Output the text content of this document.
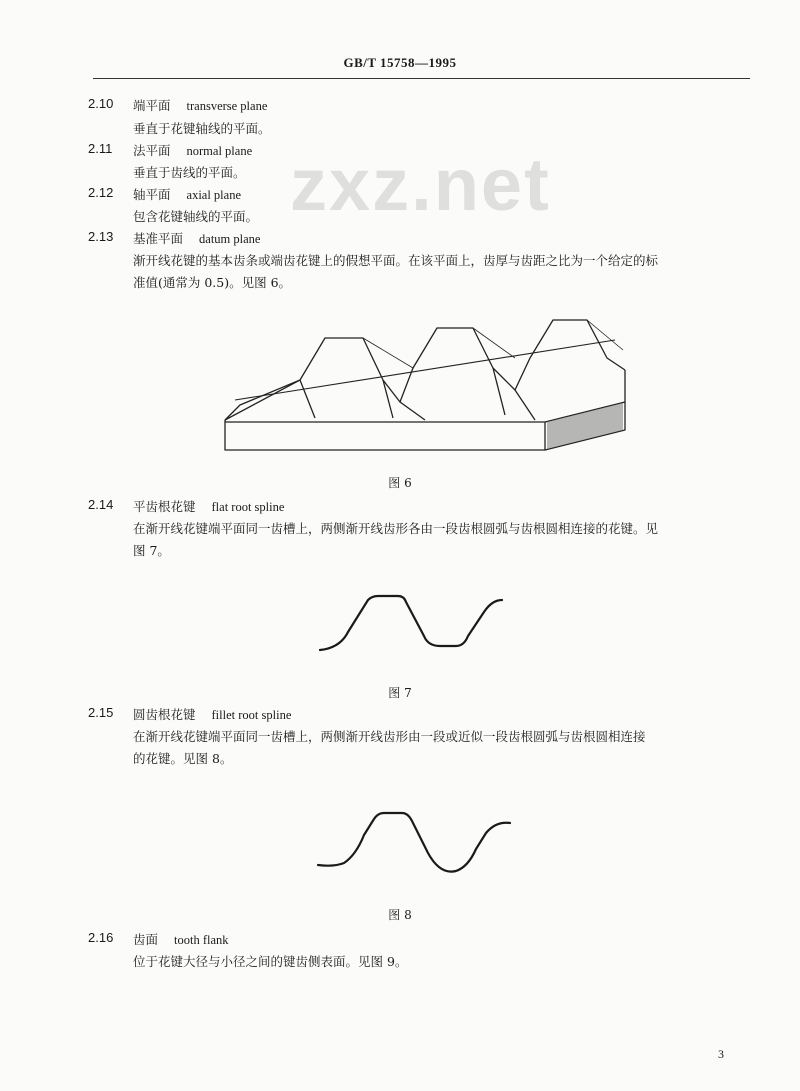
GB/T 15758—1995
zxz.net
2.10 端平面 transverse plane
垂直于花键轴线的平面。
2.11 法平面 normal plane
垂直于齿线的平面。
2.12 轴平面 axial plane
包含花键轴线的平面。
2.13 基准平面 datum plane
渐开线花键的基本齿条或端齿花键上的假想平面。在该平面上，齿厚与齿距之比为一个给定的标
准值(通常为 0.5)。见图 6。
图 6
2.14 平齿根花键 flat root spline
在渐开线花键端平面同一齿槽上，两侧渐开线齿形各由一段齿根圆弧与齿根圆相连接的花键。见
图 7。
图 7
2.15 圆齿根花键 fillet root spline
在渐开线花键端平面同一齿槽上，两侧渐开线齿形由一段或近似一段齿根圆弧与齿根圆相连接
的花键。见图 8。
图 8
2.16 齿面 tooth flank
位于花键大径与小径之间的键齿侧表面。见图 9。
3
